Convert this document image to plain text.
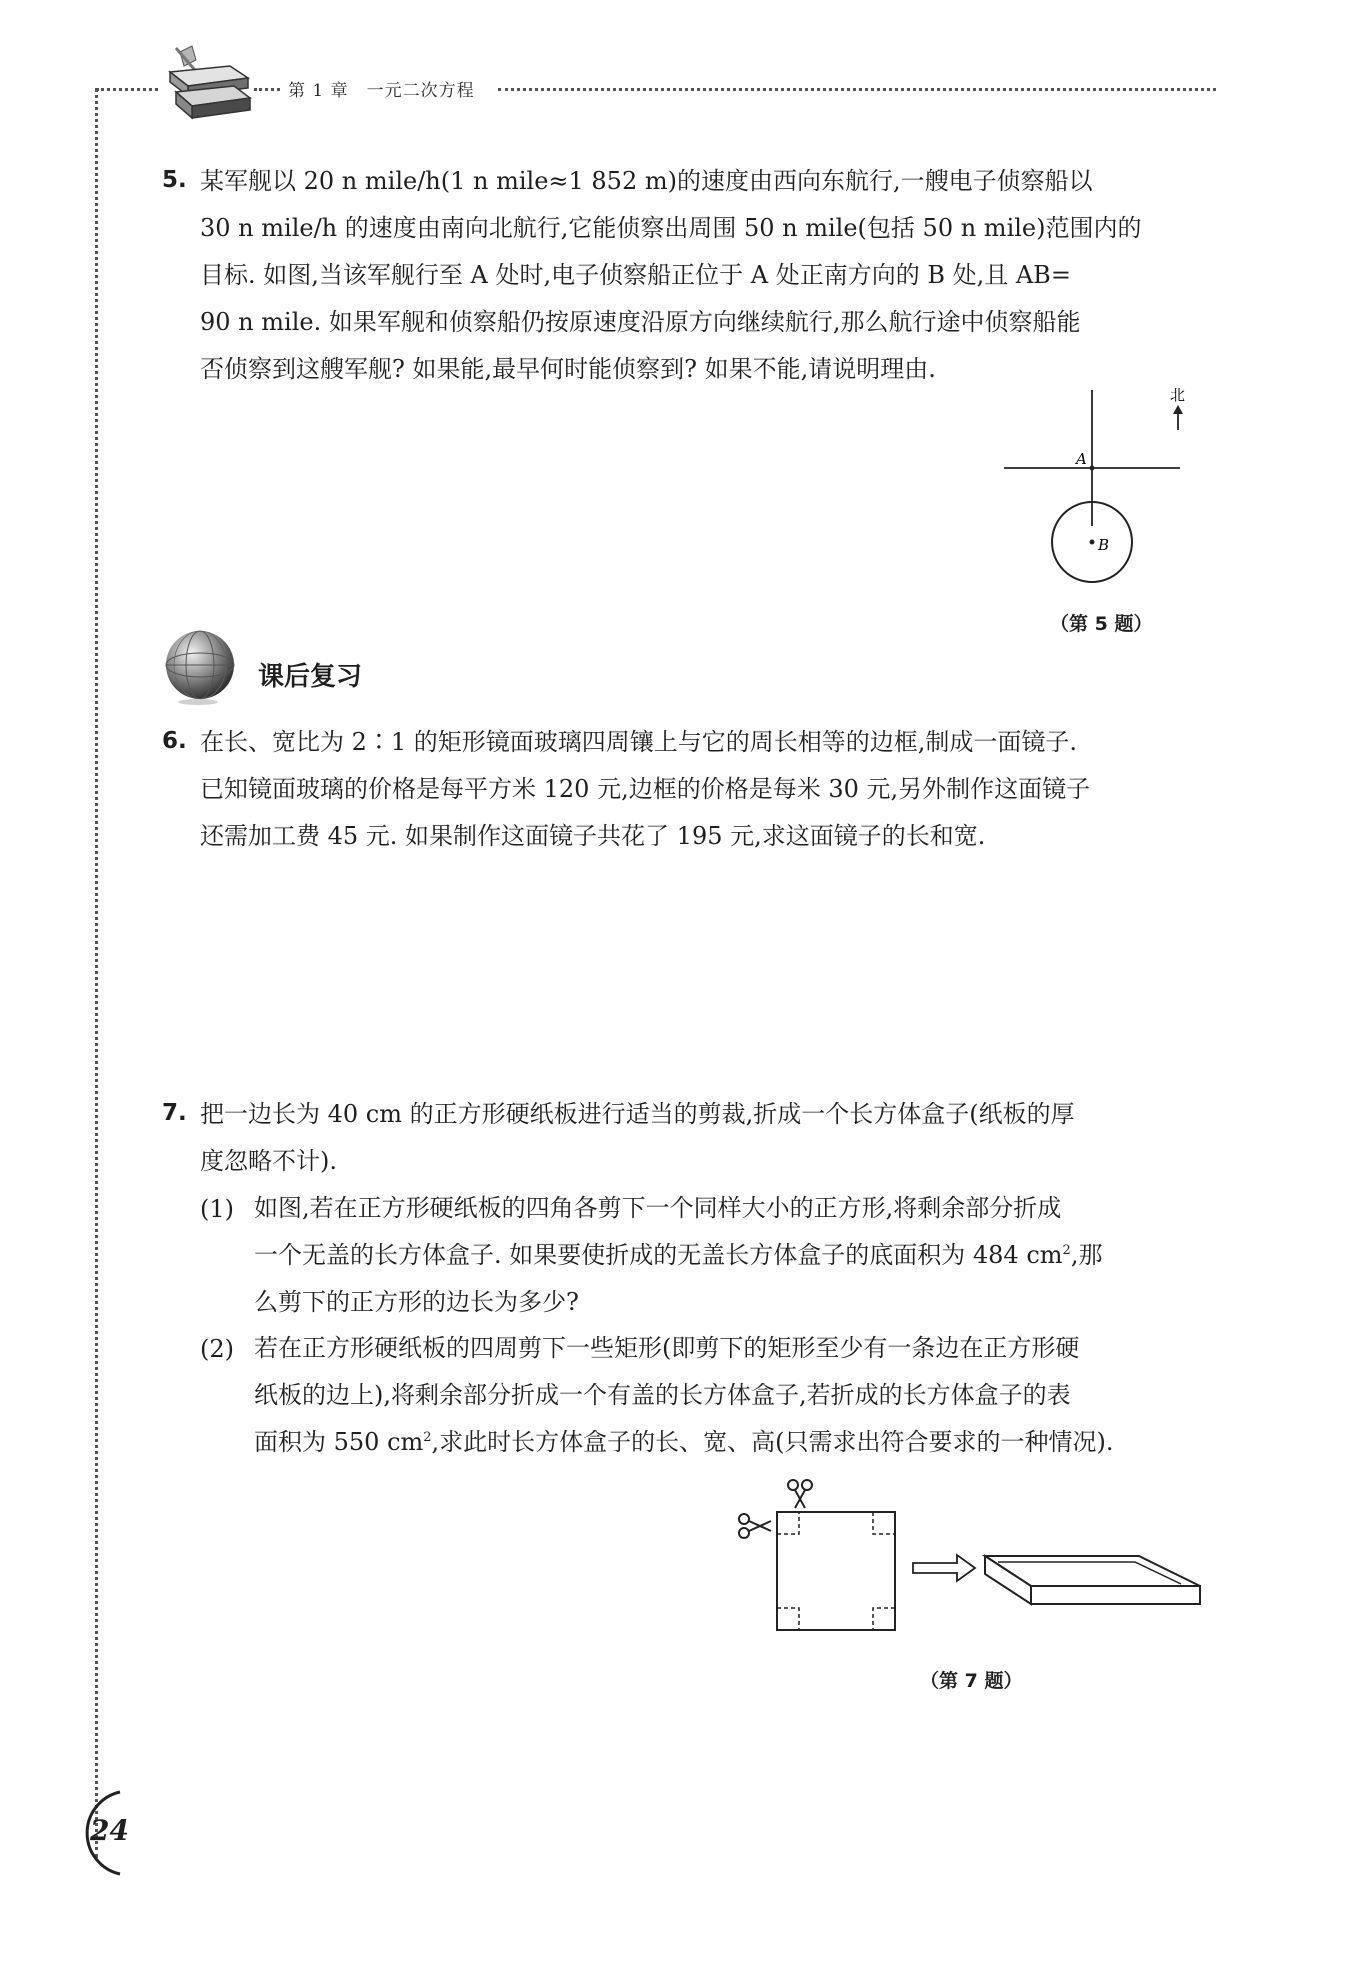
第 1 章　一元二次方程
5. 某军舰以 20 n mile/h(1 n mile≈1 852 m)的速度由西向东航行,一艘电子侦察船以

30 n mile/h 的速度由南向北航行,它能侦察出周围 50 n mile(包括 50 n mile)范围内的

目标. 如图,当该军舰行至 A 处时,电子侦察船正位于 A 处正南方向的 B 处,且 AB=

90 n mile. 如果军舰和侦察船仍按原速度沿原方向继续航行,那么航行途中侦察船能

否侦察到这艘军舰? 如果能,最早何时能侦察到? 如果不能,请说明理由.

A
B
北
（第 5 题）
课后复习
6. 在长、宽比为 2∶1 的矩形镜面玻璃四周镶上与它的周长相等的边框,制成一面镜子.

已知镜面玻璃的价格是每平方米 120 元,边框的价格是每米 30 元,另外制作这面镜子

还需加工费 45 元. 如果制作这面镜子共花了 195 元,求这面镜子的长和宽.

7. 把一边长为 40 cm 的正方形硬纸板进行适当的剪裁,折成一个长方体盒子(纸板的厚

度忽略不计).

(1) 如图,若在正方形硬纸板的四角各剪下一个同样大小的正方形,将剩余部分折成

一个无盖的长方体盒子. 如果要使折成的无盖长方体盒子的底面积为 484 $cm^2$,那

么剪下的正方形的边长为多少?

(2) 若在正方形硬纸板的四周剪下一些矩形(即剪下的矩形至少有一条边在正方形硬

纸板的边上),将剩余部分折成一个有盖的长方体盒子,若折成的长方体盒子的表

面积为 550 $cm^2$,求此时长方体盒子的长、宽、高(只需求出符合要求的一种情况).

（第 7 题）
24
